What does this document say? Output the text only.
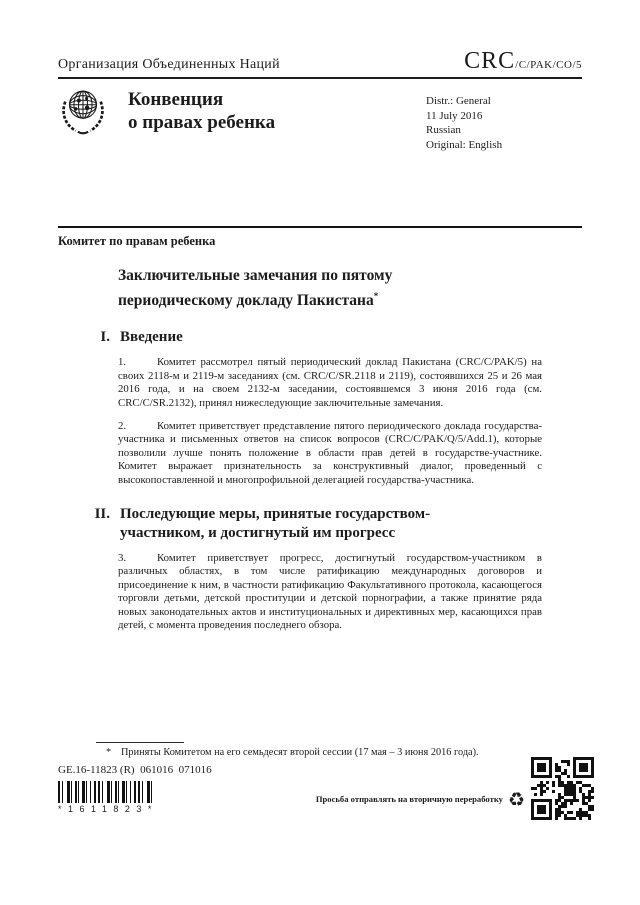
Организация Объединенных Наций	CRC/C/PAK/CO/5
Конвенция
о правах ребенка
Distr.: General
11 July 2016
Russian
Original: English
Комитет по правам ребенка
Заключительные замечания по пятому периодическому докладу Пакистана*
I. Введение

1.	Комитет рассмотрел пятый периодический доклад Пакистана (CRC/C/PAK/5) на своих 2118-м и 2119-м заседаниях (см. CRC/C/SR.2118 и 2119), состоявшихся 25 и 26 мая 2016 года, и на своем 2132-м заседании, состоявшемся 3 июня 2016 года (см. CRC/C/SR.2132), принял нижеследующие заключительные замечания.

2.	Комитет приветствует представление пятого периодического доклада государства-участника и письменных ответов на список вопросов (CRC/C/PAK/Q/5/Add.1), которые позволили лучше понять положение в области прав детей в государстве-участнике. Комитет выражает признательность за конструктивный диалог, проведенный с высокопоставленной и многопрофильной делегацией государства-участника.

II. Последующие меры, принятые государством-участником, и достигнутый им прогресс

3.	Комитет приветствует прогресс, достигнутый государством-участником в различных областях, в том числе ратификацию международных договоров и присоединение к ним, в частности ратификацию Факультативного протокола, касающегося торговли детьми, детской проституции и детской порнографии, а также принятие ряда новых законодательных актов и институциональных и директивных мер, касающихся прав детей, с момента проведения последнего обзора.

* Приняты Комитетом на его семьдесят второй сессии (17 мая – 3 июня 2016 года).
GE.16-11823 (R)  061016  071016
*1611823*
Просьба отправлять на вторичную переработку ♻
